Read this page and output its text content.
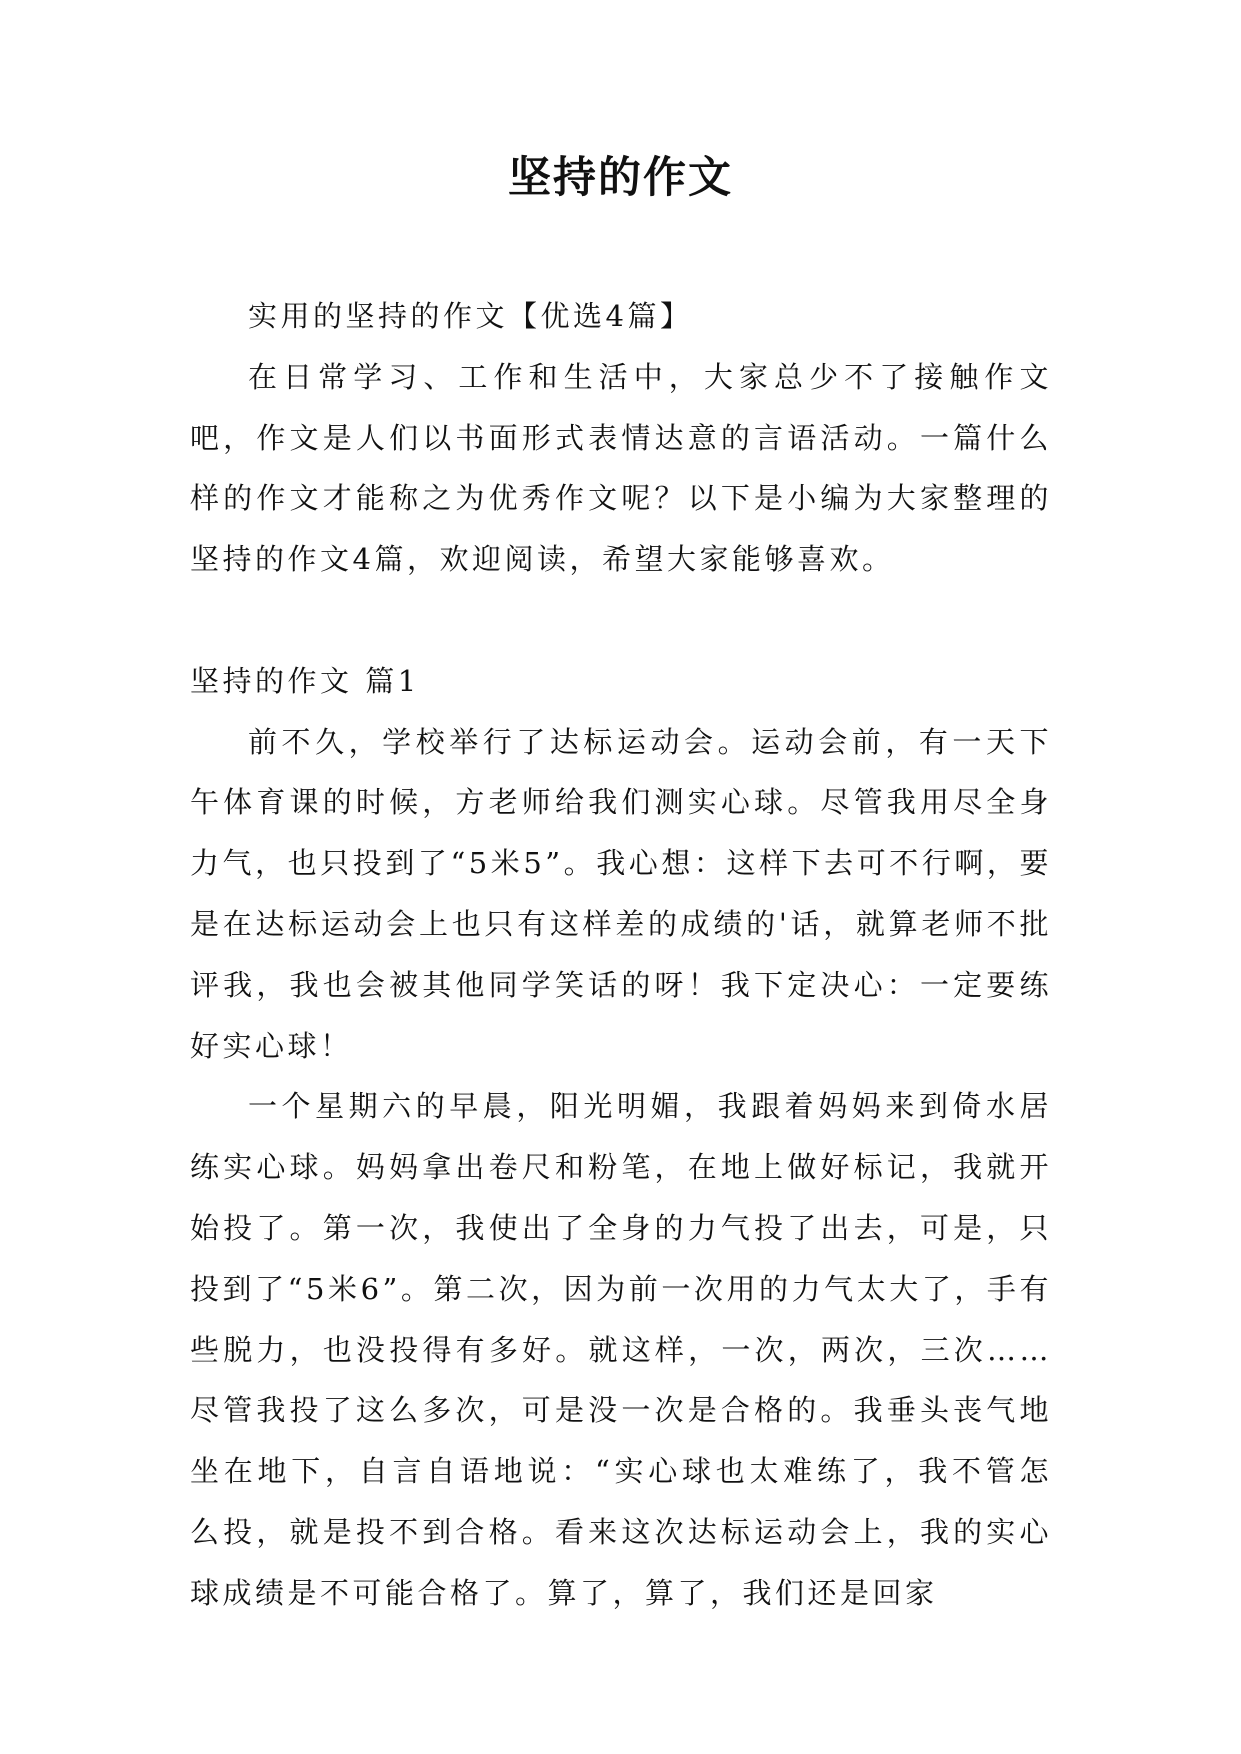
坚持的作文

实用的坚持的作文【优选4篇】

在日常学习、工作和生活中，大家总少不了接触作文吧，作文是人们以书面形式表情达意的言语活动。一篇什么样的作文才能称之为优秀作文呢？以下是小编为大家整理的坚持的作文4篇，欢迎阅读，希望大家能够喜欢。

坚持的作文 篇1

前不久，学校举行了达标运动会。运动会前，有一天下午体育课的时候，方老师给我们测实心球。尽管我用尽全身力气，也只投到了“5米5”。我心想：这样下去可不行啊，要是在达标运动会上也只有这样差的成绩的'话，就算老师不批评我，我也会被其他同学笑话的呀！我下定决心：一定要练好实心球！

一个星期六的早晨，阳光明媚，我跟着妈妈来到倚水居练实心球。妈妈拿出卷尺和粉笔，在地上做好标记，我就开始投了。第一次，我使出了全身的力气投了出去，可是，只投到了“5米6”。第二次，因为前一次用的力气太大了，手有些脱力，也没投得有多好。就这样，一次，两次，三次……尽管我投了这么多次，可是没一次是合格的。我垂头丧气地坐在地下，自言自语地说：“实心球也太难练了，我不管怎么投，就是投不到合格。看来这次达标运动会上，我的实心球成绩是不可能合格了。算了，算了，我们还是回家
